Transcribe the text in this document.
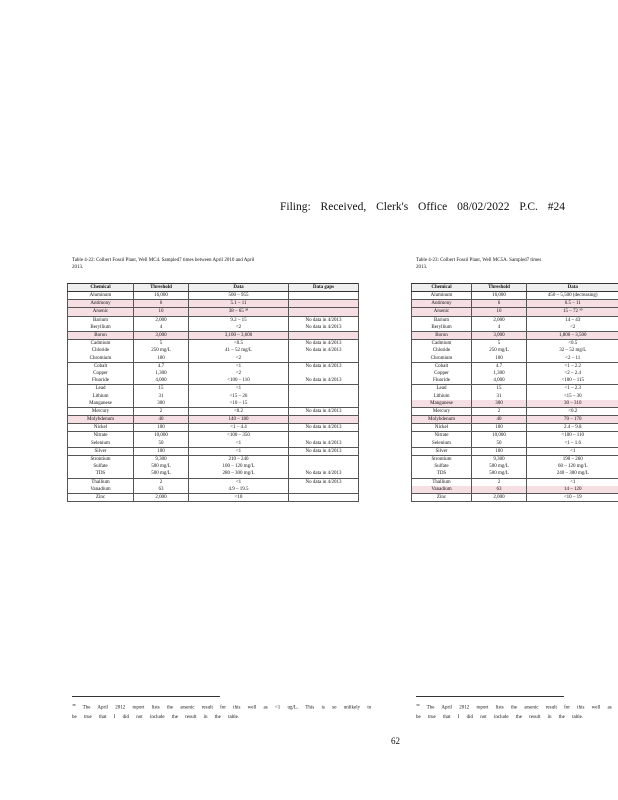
Filing: Received, Clerk's Office 08/02/2022 P.C. #24
Table 4-22: Colbert Fossil Plant, Well MC4. Sampled7 times between April 2010 and April
2013.
Chemical	Threshold	Data	Data gaps
Aluminum	16,000	500 – 955	
Antimony	6	5.1 – 11	
Arsenic	10	38 – 65 ³⁸	
Barium	2,000	9.2 – 15	No data in 4/2013
Beryllium	4	<2	No data in 4/2013
Boron	3,000	3,100 – 3,600	
Cadmium	5	<0.5	No data in 4/2013
Chloride	250 mg/L	41 – 52 mg/L	No data in 4/2013
Chromium	100	<2	
Cobalt	4.7	<1	No data in 4/2013
Copper	1,300	<2	
Fluoride	4,000	<100 – 110	No data in 4/2013
Lead	15	<1	
Lithium	31	<15 – 26	
Manganese	300	<10 – 15	
Mercury	2	<0.2	No data in 4/2013
Molybdenum	40	140 – 180	
Nickel	100	<1 – 4.4	No data in 4/2013
Nitrate	10,000	<100 – 350	
Selenium	50	<1	No data in 4/2013
Silver	100	<1	No data in 4/2013
Strontium	9,300	210 – 240	
Sulfate	500 mg/L	100 – 120 mg/L	
TDS	500 mg/L	280 – 300 mg/L	No data in 4/2013
Thallium	2	<1	No data in 4/2013
Vanadium	63	4.9 – 19.5	
Zinc	2,000	<10	
Table 4-23: Colbert Fossil Plant, Well MC5A. Sampled7 times
2013.
Chemical	Threshold	Data
Aluminum	16,000	450 – 5,500 (decreasing)
Antimony	6	6.5 – 11
Arsenic	10	15 – 72 ³⁹
Barium	2,000	14 – 43
Beryllium	4	<2
Boron	3,000	1,800 – 3,500
Cadmium	5	<0.5
Chloride	250 mg/L	32 – 52 mg/L
Chromium	100	<2 – 11
Cobalt	4.7	<1 – 2.2
Copper	1,300	<2 – 2.4
Fluoride	4,000	<100 – 115
Lead	15	<1 – 2.3
Lithium	31	<15 – 30
Manganese	300	30 – 310
Mercury	2	<0.2
Molybdenum	40	70 – 170
Nickel	100	2.4 – 9.8
Nitrate	10,000	<100 – 110
Selenium	50	<1 – 1.6
Silver	100	<1
Strontium	9,300	190 – 260
Sulfate	500 mg/L	60 – 120 mg/L
TDS	500 mg/L	240 – 300 mg/L
Thallium	2	<1
Vanadium	63	14 – 120
Zinc	2,000	<10 – 19
$^{38}$ The April 2012 report lists the arsenic result for this well as <1 ug/L. This is so unlikely to
be true that I did not include the result in the table.
$^{39}$ The April 2012 report lists the arsenic result for this well as
be true that I did not include the result in the table.
62
